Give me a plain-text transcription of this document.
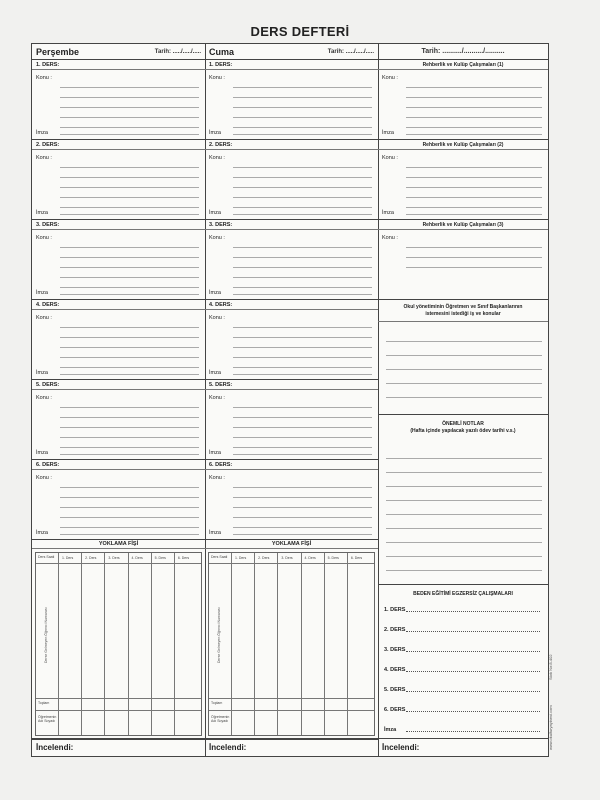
DERS DEFTERİ
Perşembe	Tarih: ...../...../.....
1. DERS:
Konu :
İmza
2. DERS:
Konu :
İmza
3. DERS:
Konu :
İmza
4. DERS:
Konu :
İmza
5. DERS:
Konu :
İmza
6. DERS:
Konu :
İmza
YOKLAMA FİŞİ
Ders Saati 1. Ders	2. Ders	3. Ders	4. Ders	5. Ders	6. Ders
Derse Gelmeyen Öğrenci Numarası
Toplam
Öğretmenin Adı Soyadı
İncelendi:
Cuma	Tarih: ...../...../.....
1. DERS:
Konu :
İmza
2. DERS:
Konu :
İmza
3. DERS:
Konu :
İmza
4. DERS:
Konu :
İmza
5. DERS:
Konu :
İmza
6. DERS:
Konu :
İmza
YOKLAMA FİŞİ
Ders Saati 1. Ders	2. Ders	3. Ders	4. Ders	5. Ders	6. Ders
Derse Gelmeyen Öğrenci Numarası
Toplam
Öğretmenin Adı Soyadı
İncelendi:
Tarih: ........../........../..........
Rehberlik ve Kulüp Çalışmaları (1)
Konu :
İmza
Rehberlik ve Kulüp Çalışmaları (2)
Konu :
İmza
Rehberlik ve Kulüp Çalışmaları (3)
Konu :
Okul yönetiminin Öğretmen ve Sınıf Başkanlarının istemesini istediği iş ve konular
ÖNEMLİ NOTLAR
(Hafta içinde yapılacak yazılı ödev tarihi v.s.)
BEDEN EĞİTİMİ EGZERSİZ ÇALIŞMALARI
1. DERS
2. DERS
3. DERS
4. DERS
5. DERS
6. DERS
İmza
İncelendi:	www.okulfuryayinevi.com
Stok No:8-402
